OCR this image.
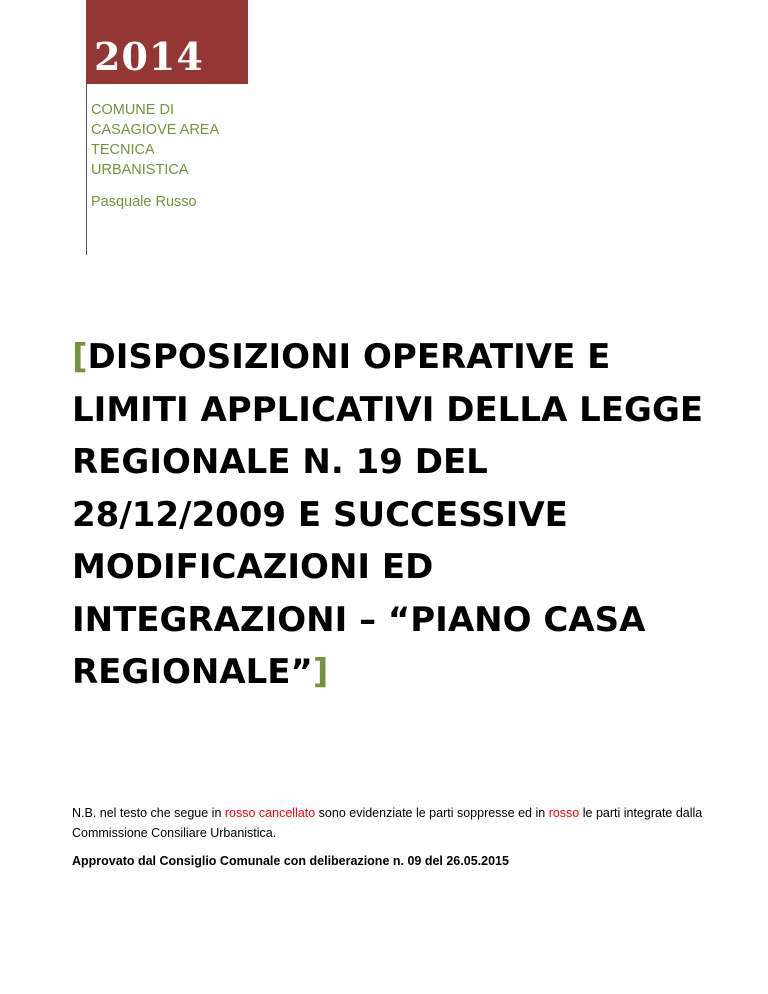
2014

COMUNE DI CASAGIOVE AREA TECNICA URBANISTICA

Pasquale Russo

[DISPOSIZIONI OPERATIVE E LIMITI APPLICATIVI DELLA LEGGE REGIONALE N. 19 DEL 28/12/2009 E SUCCESSIVE MODIFICAZIONI ED INTEGRAZIONI – “PIANO CASA REGIONALE”]

N.B. nel testo che segue in rosso cancellato sono evidenziate le parti soppresse ed in rosso le parti integrate dalla Commissione Consiliare Urbanistica.

Approvato dal Consiglio Comunale con deliberazione n. 09 del 26.05.2015
